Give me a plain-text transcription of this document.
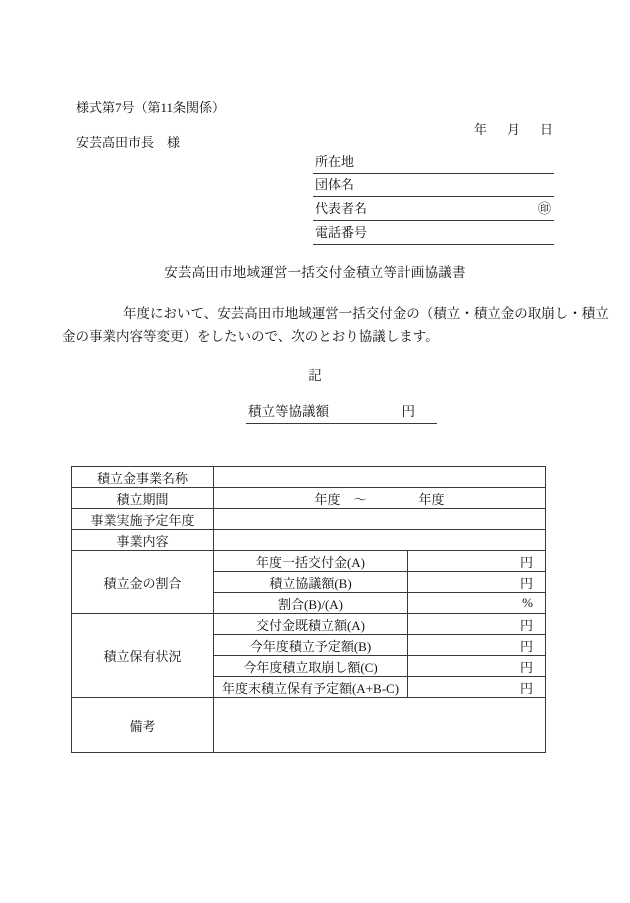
様式第7号（第11条関係）
年　月　日
安芸高田市長　様
所在地
団体名
代表者名	㊞
電話番号
安芸高田市地域運営一括交付金積立等計画協議書
年度において、安芸高田市地域運営一括交付金の（積立・積立金の取崩し・積立
金の事業内容等変更）をしたいので、次のとおり協議します。
記
積立等協議額	円
積立金事業名称		
積立期間	年度　～　　　　年度	
事業実施予定年度		
事業内容		
積立金の割合	年度一括交付金(A)	円
	積立協議額(B)	円
	割合(B)/(A)	%
積立保有状況	交付金既積立額(A)	円
	今年度積立予定額(B)	円
	今年度積立取崩し額(C)	円
	年度末積立保有予定額(A+B-C)	円
備考		
